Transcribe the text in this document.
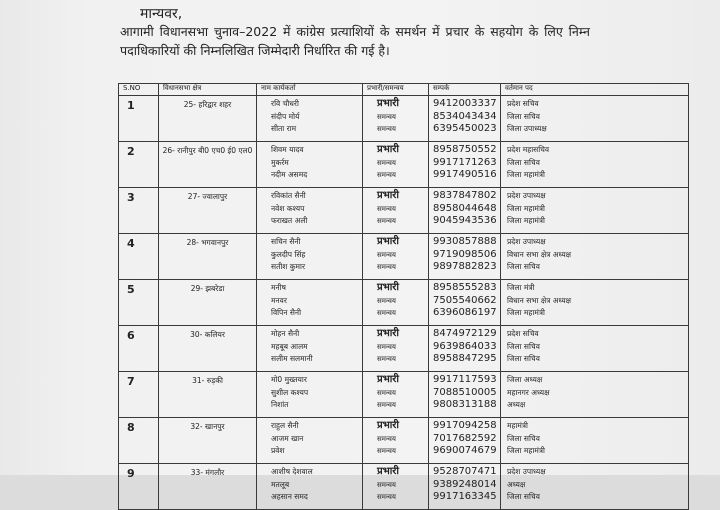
मान्यवर,
आगामी विधानसभा चुनाव–2022 में कांग्रेस प्रत्याशियों के समर्थन में प्रचार के सहयोग के लिए निम्न पदाधिकारियों की निम्नलिखित जिम्मेदारी निर्धारित की गई है।
S.NO	विधानसभा क्षेत्र	नाम कार्यकर्ता	प्रभारी/समन्वय	सम्पर्क	वर्तमान पद
1	25- हरिद्वार शहर	रवि चौधरी
संदीप मोर्य
सीता राम	प्रभारी
समन्वय
समन्वय	9412003337
8534043434
6395450023	प्रदेश सचिव
जिला सचिव
जिला उपाध्यक्ष

2	26- रानीपुर बी0 एच0 ई0 एल0	शिवम यादव
मुकर्रम
नदीम असमद	प्रभारी
समन्वय
समन्वय	8958750552
9917171263
9917490516	प्रदेश महासचिव
जिला सचिव
जिला महामंत्री

3	27- ज्वालापुर	रविकांत सैनी
नवेश कश्यप
फराखत अली	प्रभारी
समन्वय
समन्वय	9837847802
8958044648
9045943536	प्रदेश उपाध्यक्ष
जिला महामंत्री
जिला महामंत्री

4	28- भगवानपुर	सचिन सैनी
कुलदीप सिंह
सतीश कुमार	प्रभारी
समन्वय
समन्वय	9930857888
9719098506
9897882823	प्रदेश उपाध्यक्ष
विधान सभा क्षेत्र अध्यक्ष
जिला सचिव

5	29- झबरेडा	मनीष
मनवर
विपिन सैनी	प्रभारी
समन्वय
समन्वय	8958555283
7505540662
6396086197	जिला मंत्री
विधान सभा क्षेत्र अध्यक्ष
जिला महामंत्री

6	30- कलियर	मोहन सैनी
महबूब आलम
सलीम सलमानी	प्रभारी
समन्वय
समन्वय	8474972129
9639864033
8958847295	प्रदेश सचिव
जिला सचिव
जिला सचिव

7	31- रुड़की	मो0 मुख्तयार
सुशील कश्यप
निशांत	प्रभारी
समन्वय
समन्वय	9917117593
7088510005
9808313188	जिला अध्यक्ष
महानगर अध्यक्ष
अध्यक्ष

8	32- खानपुर	राहुल सैनी
आजम खान
प्रवेश	प्रभारी
समन्वय
समन्वय	9917094258
7017682592
9690074679	महामंत्री
जिला सचिव
जिला महामंत्री

9	33- मंगलौर	आशीष देशवाल
मतलूब
अहसान समद	प्रभारी
समन्वय
समन्वय	9528707471
9389248014
9917163345	प्रदेश उपाध्यक्ष
अध्यक्ष
जिला सचिव
